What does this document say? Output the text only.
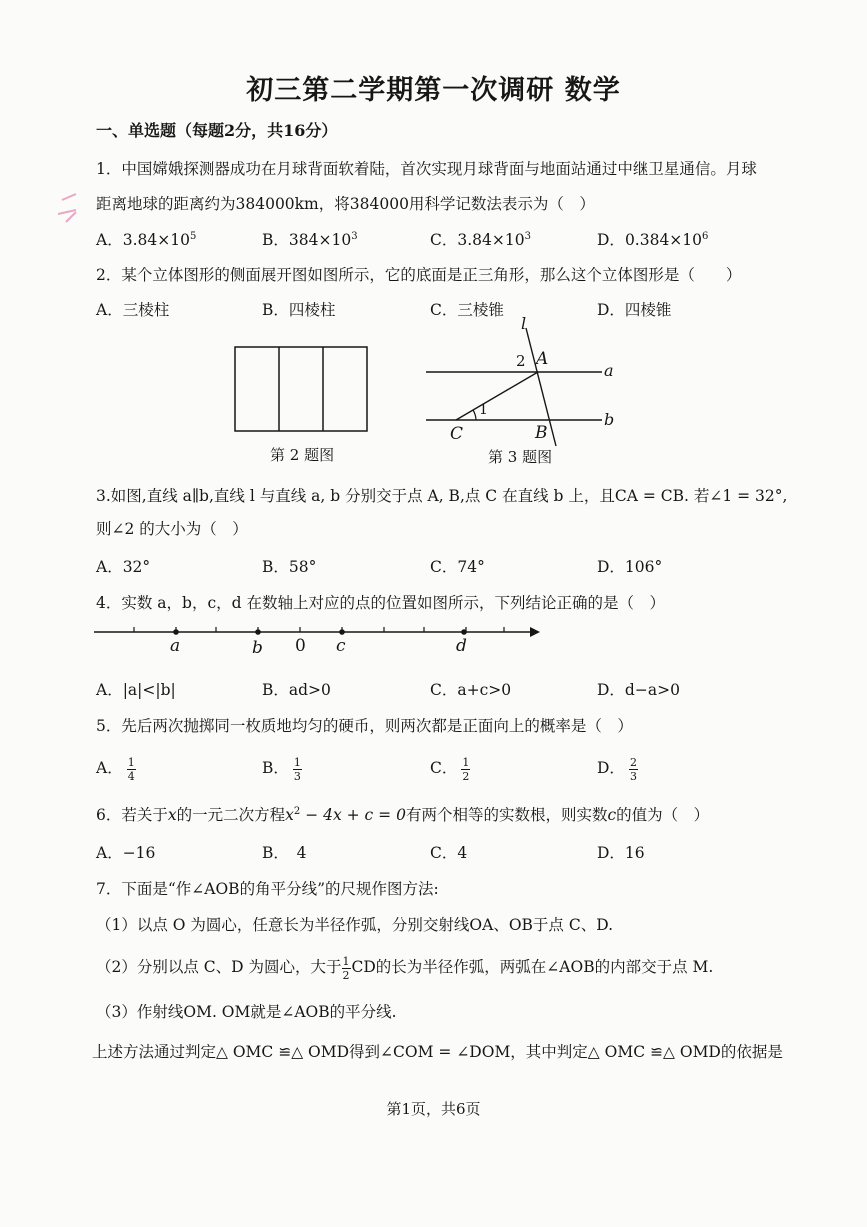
初三第二学期第一次调研 数学
一、单选题（每题2分，共16分）
1．中国嫦娥探测器成功在月球背面软着陆，首次实现月球背面与地面站通过中继卫星通信。月球
距离地球的距离约为384000km，将384000用科学记数法表示为（　）
A．$3.84\times 10^5$	B．$384\times 10^3$	C．$3.84\times 10^3$	D．$0.384\times 10^6$
2．某个立体图形的侧面展开图如图所示，它的底面是正三角形，那么这个立体图形是（　　）
A．三棱柱	B．四棱柱	C．三棱锥	D．四棱锥
第 2 题图
l
a
b
A
B
C
1
2
第 3 题图
3.如图,直线 a∥b,直线 l 与直线 a, b 分别交于点 A, B,点 C 在直线 b 上，且CA = CB. 若∠1 = 32°,
则∠2 的大小为（　）
A．32°	B．58°	C．74°	D．106°
4．实数 a，b，c，d 在数轴上对应的点的位置如图所示，下列结论正确的是（　）
a	b 0 c	d
A．|a|<|b|	B．ad>0	C．a+c>0	D．d−a>0
5．先后两次抛掷同一枚质地均匀的硬币，则两次都是正面向上的概率是（　）
A． $\frac{1}{4}$	B． $\frac{1}{3}$	C． $\frac{1}{2}$	D． $\frac{2}{3}$
6．若关于x的一元二次方程$x^2 - 4x + c = 0$有两个相等的实数根，则实数c的值为（　）
A．−16	B．　4	C．4	D．16
7．下面是“作∠AOB的角平分线”的尺规作图方法:
（1）以点 O 为圆心，任意长为半径作弧，分别交射线OA、OB于点 C、D.
（2）分别以点 C、D 为圆心，大于 $\frac{1}{2}$ CD的长为半径作弧，两弧在∠AOB的内部交于点 M.
（3）作射线OM. OM就是∠AOB的平分线.
上述方法通过判定△ OMC ≌△ OMD得到∠COM = ∠DOM，其中判定△ OMC ≌△ OMD的依据是
第1页，共6页
